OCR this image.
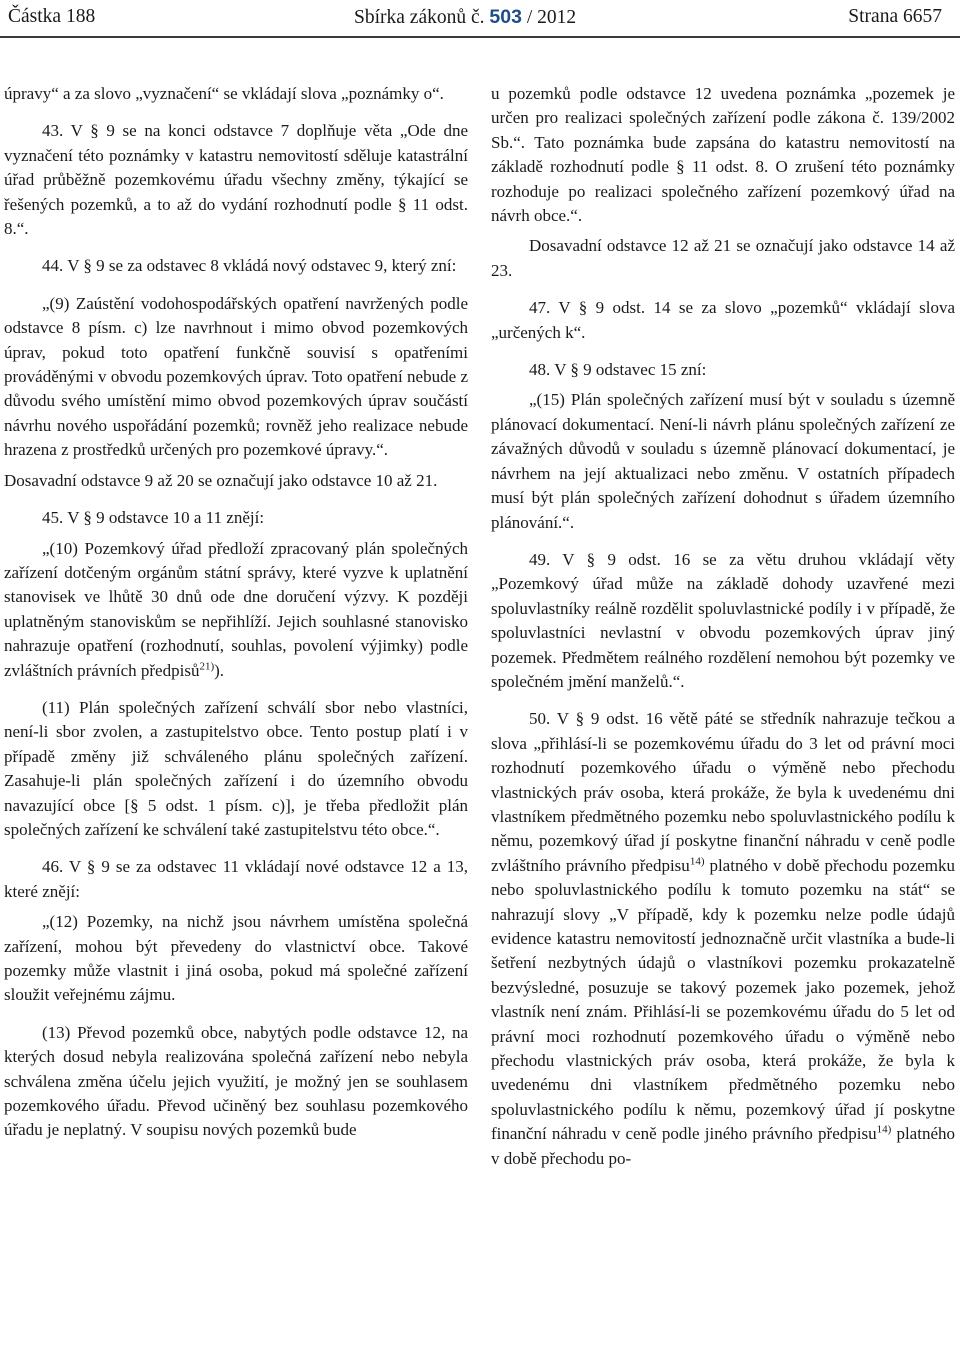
Částka 188	Sbírka zákonů č. 503 / 2012	Strana 6657

úpravy“ a za slovo „vyznačení“ se vkládají slova „poznámky o“.

43. V § 9 se na konci odstavce 7 doplňuje věta „Ode dne vyznačení této poznámky v katastru nemovitostí sděluje katastrální úřad průběžně pozemkovému úřadu všechny změny, týkající se řešených pozemků, a to až do vydání rozhodnutí podle § 11 odst. 8.“.

44. V § 9 se za odstavec 8 vkládá nový odstavec 9, který zní:

„(9) Zaústění vodohospodářských opatření navržených podle odstavce 8 písm. c) lze navrhnout i mimo obvod pozemkových úprav, pokud toto opatření funkčně souvisí s opatřeními prováděnými v obvodu pozemkových úprav. Toto opatření nebude z důvodu svého umístění mimo obvod pozemkových úprav součástí návrhu nového uspořádání pozemků; rovněž jeho realizace nebude hrazena z prostředků určených pro pozemkové úpravy.“.

Dosavadní odstavce 9 až 20 se označují jako odstavce 10 až 21.

45. V § 9 odstavce 10 a 11 znějí:

„(10) Pozemkový úřad předloží zpracovaný plán společných zařízení dotčeným orgánům státní správy, které vyzve k uplatnění stanovisek ve lhůtě 30 dnů ode dne doručení výzvy. K později uplatněným stanoviskům se nepřihlíží. Jejich souhlasné stanovisko nahrazuje opatření (rozhodnutí, souhlas, povolení výjimky) podle zvláštních právních předpisů$^{21)}$).

(11) Plán společných zařízení schválí sbor nebo vlastníci, není-li sbor zvolen, a zastupitelstvo obce. Tento postup platí i v případě změny již schváleného plánu společných zařízení. Zasahuje-li plán společných zařízení i do územního obvodu navazující obce [§ 5 odst. 1 písm. c)], je třeba předložit plán společných zařízení ke schválení také zastupitelstvu této obce.“.

46. V § 9 se za odstavec 11 vkládají nové odstavce 12 a 13, které znějí:

„(12) Pozemky, na nichž jsou návrhem umístěna společná zařízení, mohou být převedeny do vlastnictví obce. Takové pozemky může vlastnit i jiná osoba, pokud má společné zařízení sloužit veřejnému zájmu.

(13) Převod pozemků obce, nabytých podle odstavce 12, na kterých dosud nebyla realizována společná zařízení nebo nebyla schválena změna účelu jejich využití, je možný jen se souhlasem pozemkového úřadu. Převod učiněný bez souhlasu pozemkového úřadu je neplatný. V soupisu nových pozemků bude

u pozemků podle odstavce 12 uvedena poznámka „pozemek je určen pro realizaci společných zařízení podle zákona č. 139/2002 Sb.“. Tato poznámka bude zapsána do katastru nemovitostí na základě rozhodnutí podle § 11 odst. 8. O zrušení této poznámky rozhoduje po realizaci společného zařízení pozemkový úřad na návrh obce.“.

Dosavadní odstavce 12 až 21 se označují jako odstavce 14 až 23.

47. V § 9 odst. 14 se za slovo „pozemků“ vkládají slova „určených k“.

48. V § 9 odstavec 15 zní:

„(15) Plán společných zařízení musí být v souladu s územně plánovací dokumentací. Není-li návrh plánu společných zařízení ze závažných důvodů v souladu s územně plánovací dokumentací, je návrhem na její aktualizaci nebo změnu. V ostatních případech musí být plán společných zařízení dohodnut s úřadem územního plánování.“.

49. V § 9 odst. 16 se za větu druhou vkládají věty „Pozemkový úřad může na základě dohody uzavřené mezi spoluvlastníky reálně rozdělit spoluvlastnické podíly i v případě, že spoluvlastníci nevlastní v obvodu pozemkových úprav jiný pozemek. Předmětem reálného rozdělení nemohou být pozemky ve společném jmění manželů.“.

50. V § 9 odst. 16 větě páté se středník nahrazuje tečkou a slova „přihlásí-li se pozemkovému úřadu do 3 let od právní moci rozhodnutí pozemkového úřadu o výměně nebo přechodu vlastnických práv osoba, která prokáže, že byla k uvedenému dni vlastníkem předmětného pozemku nebo spoluvlastnického podílu k němu, pozemkový úřad jí poskytne finanční náhradu v ceně podle zvláštního právního předpisu$^{14)}$ platného v době přechodu pozemku nebo spoluvlastnického podílu k tomuto pozemku na stát“ se nahrazují slovy „V případě, kdy k pozemku nelze podle údajů evidence katastru nemovitostí jednoznačně určit vlastníka a bude-li šetření nezbytných údajů o vlastníkovi pozemku prokazatelně bezvýsledné, posuzuje se takový pozemek jako pozemek, jehož vlastník není znám. Přihlásí-li se pozemkovému úřadu do 5 let od právní moci rozhodnutí pozemkového úřadu o výměně nebo přechodu vlastnických práv osoba, která prokáže, že byla k uvedenému dni vlastníkem předmětného pozemku nebo spoluvlastnického podílu k němu, pozemkový úřad jí poskytne finanční náhradu v ceně podle jiného právního předpisu$^{14)}$ platného v době přechodu po-
